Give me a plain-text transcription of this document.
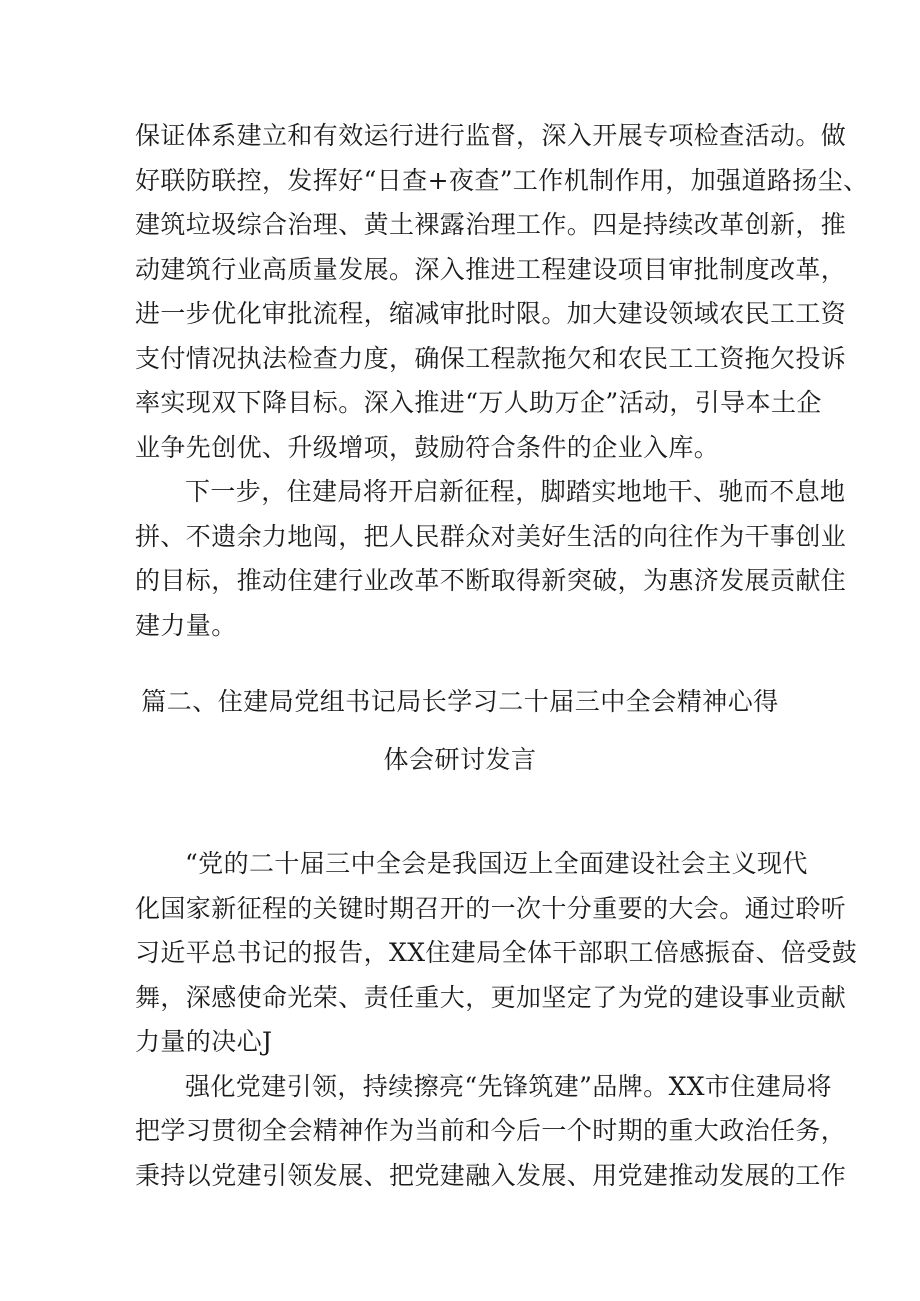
保证体系建立和有效运行进行监督，深入开展专项检查活动。做
好联防联控，发挥好“日查+夜查”工作机制作用，加强道路扬尘、
建筑垃圾综合治理、黄土裸露治理工作。四是持续改革创新，推
动建筑行业高质量发展。深入推进工程建设项目审批制度改革，
进一步优化审批流程，缩减审批时限。加大建设领域农民工工资
支付情况执法检查力度，确保工程款拖欠和农民工工资拖欠投诉
率实现双下降目标。深入推进“万人助万企”活动，引导本土企
业争先创优、升级增项，鼓励符合条件的企业入库。
下一步，住建局将开启新征程，脚踏实地地干、驰而不息地
拼、不遗余力地闯，把人民群众对美好生活的向往作为干事创业
的目标，推动住建行业改革不断取得新突破，为惠济发展贡献住
建力量。
篇二、住建局党组书记局长学习二十届三中全会精神心得
体会研讨发言
“党的二十届三中全会是我国迈上全面建设社会主义现代
化国家新征程的关键时期召开的一次十分重要的大会。通过聆听
习近平总书记的报告，XX住建局全体干部职工倍感振奋、倍受鼓
舞，深感使命光荣、责任重大，更加坚定了为党的建设事业贡献
力量的决心J
强化党建引领，持续擦亮“先锋筑建”品牌。XX市住建局将
把学习贯彻全会精神作为当前和今后一个时期的重大政治任务，
秉持以党建引领发展、把党建融入发展、用党建推动发展的工作
